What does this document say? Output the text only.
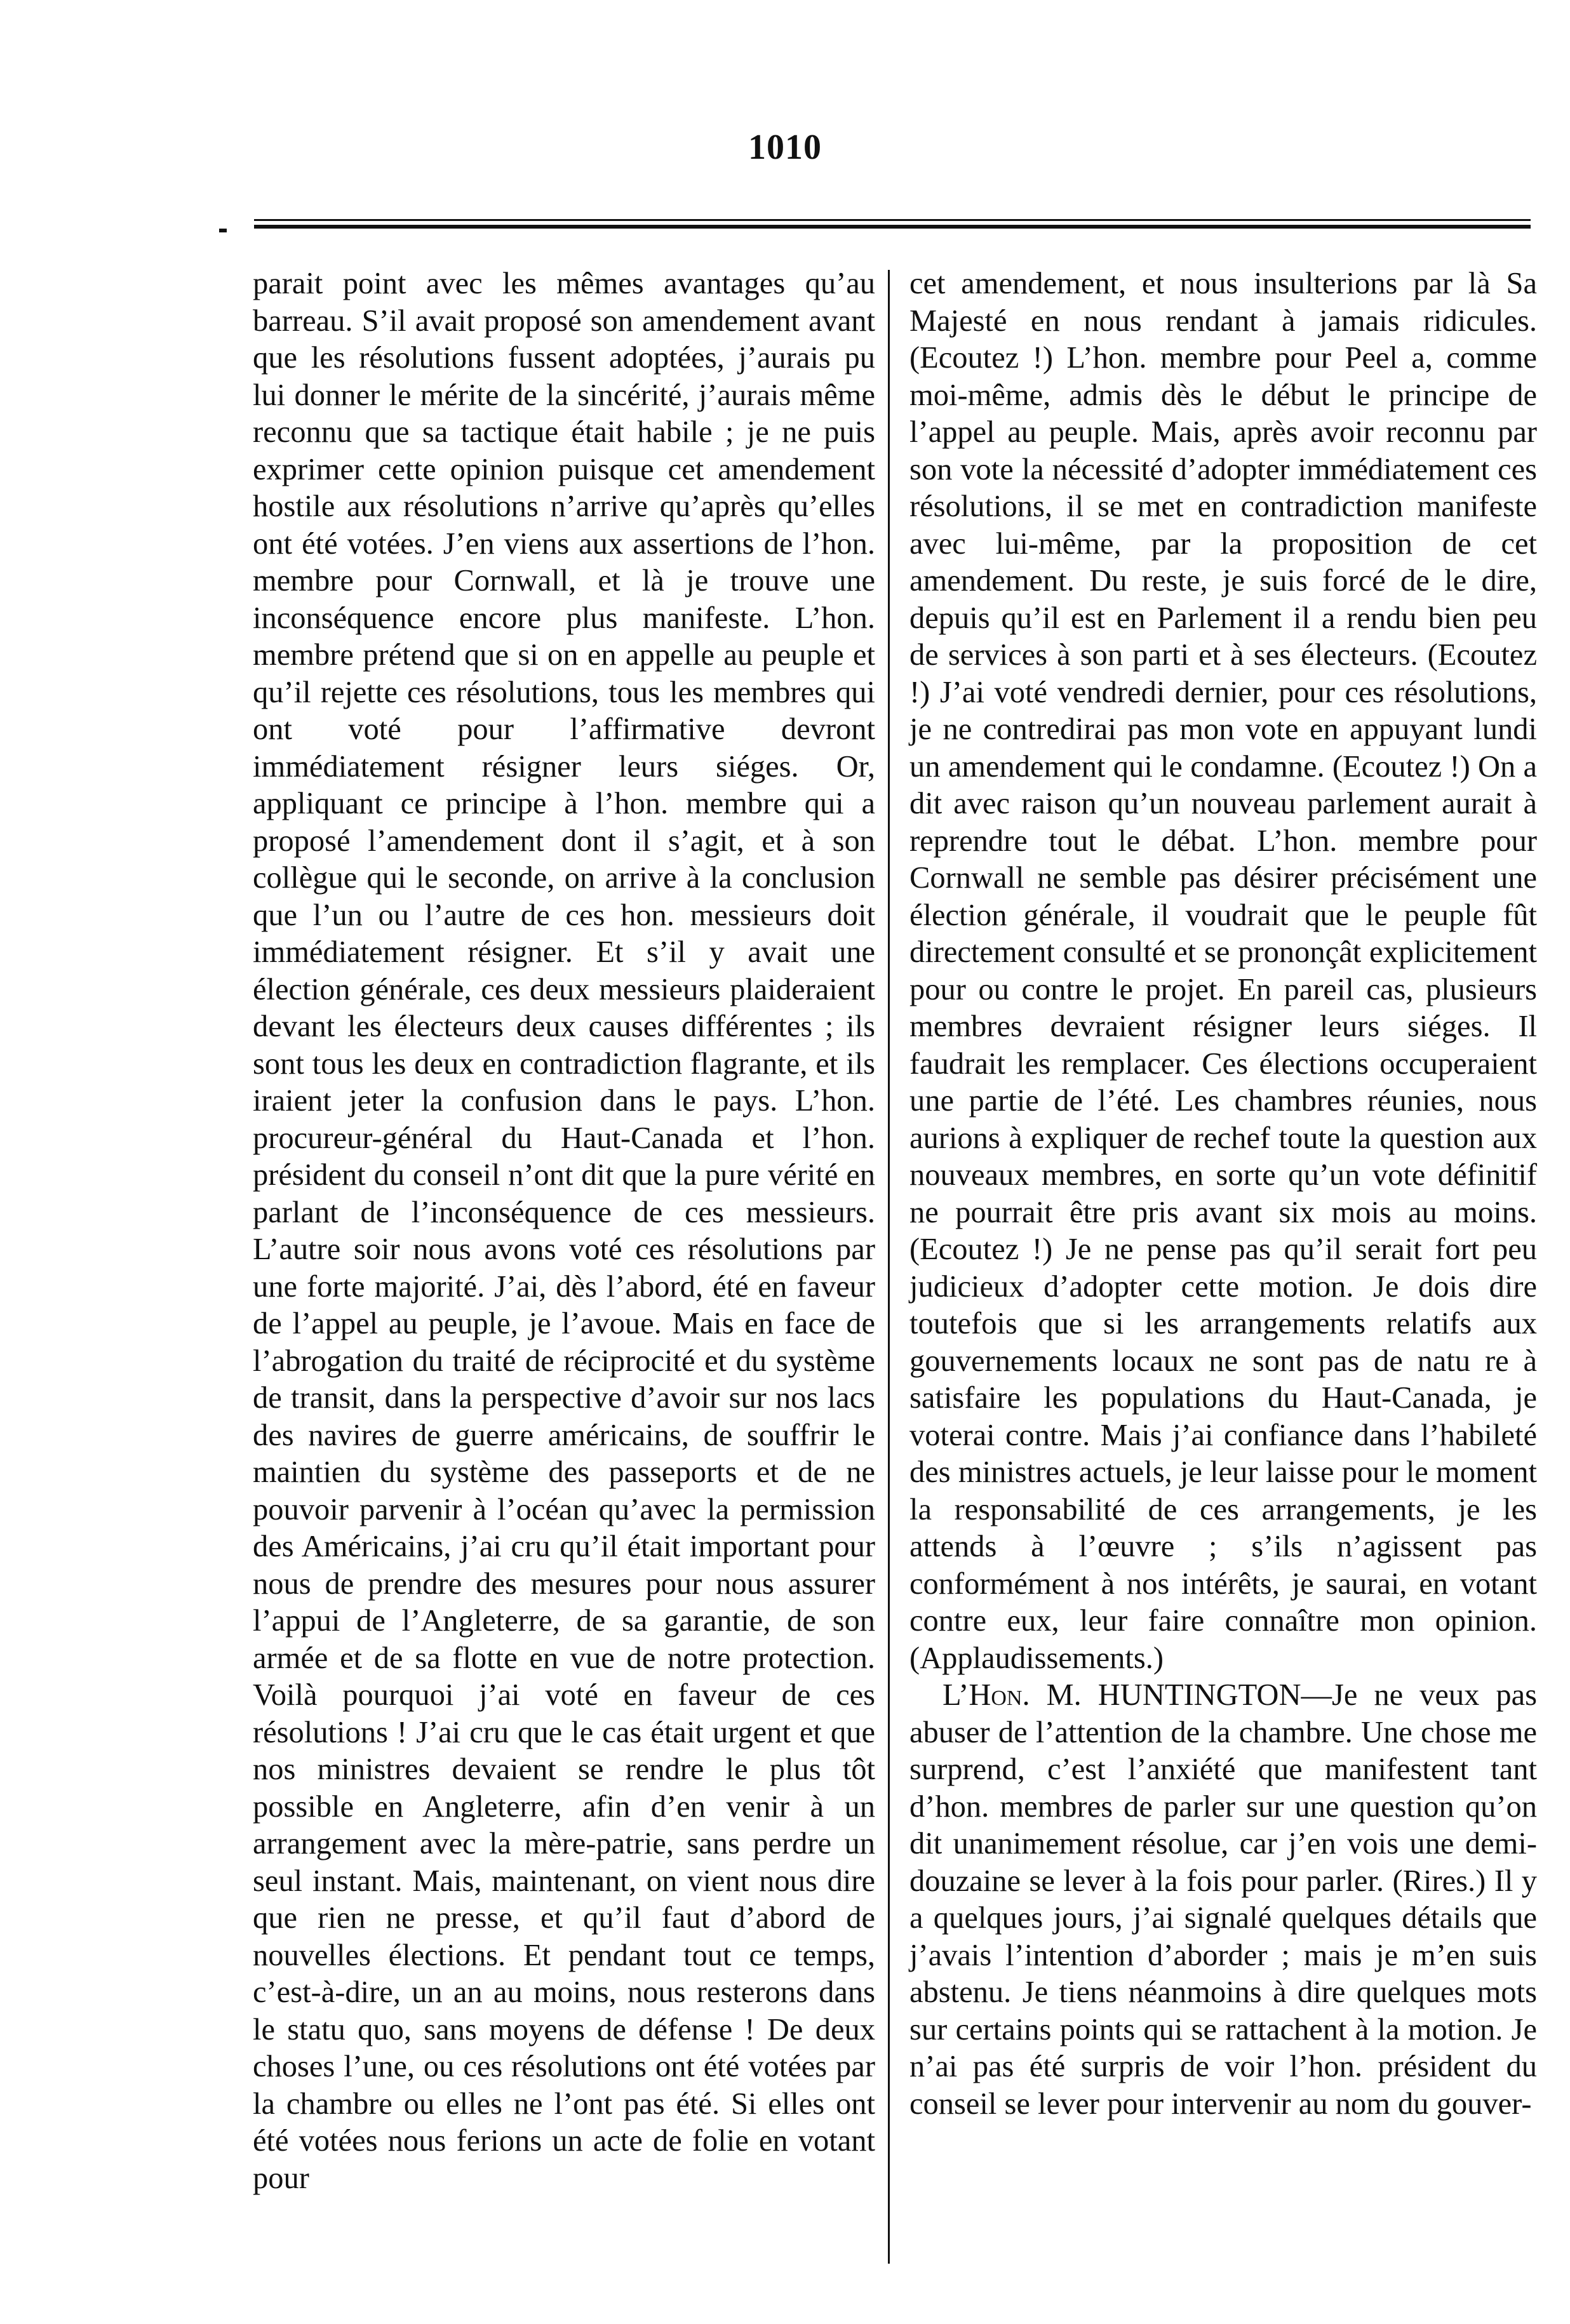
1010

parait point avec les mêmes avantages qu’au barreau. S’il avait proposé son amendement avant que les résolutions fussent adoptées, j’aurais pu lui donner le mérite de la sincérité, j’aurais même reconnu que sa tactique était habile ; je ne puis exprimer cette opinion puisque cet amendement hostile aux résolutions n’arrive qu’après qu’elles ont été votées. J’en viens aux assertions de l’hon. membre pour Cornwall, et là je trouve une inconséquence encore plus manifeste. L’hon. membre prétend que si on en appelle au peuple et qu’il rejette ces résolutions, tous les membres qui ont voté pour l’affirmative devront immédiatement résigner leurs siéges. Or, appliquant ce principe à l’hon. membre qui a proposé l’amendement dont il s’agit, et à son collègue qui le seconde, on arrive à la conclusion que l’un ou l’autre de ces hon. messieurs doit immédiatement résigner. Et s’il y avait une élection générale, ces deux messieurs plaideraient devant les électeurs deux causes différentes ; ils sont tous les deux en contradiction flagrante, et ils iraient jeter la confusion dans le pays. L’hon. procureur-général du Haut-Canada et l’hon. président du conseil n’ont dit que la pure vérité en parlant de l’inconséquence de ces messieurs. L’autre soir nous avons voté ces résolutions par une forte majorité. J’ai, dès l’abord, été en faveur de l’appel au peuple, je l’avoue. Mais en face de l’abrogation du traité de réciprocité et du système de transit, dans la perspective d’avoir sur nos lacs des navires de guerre américains, de souffrir le maintien du système des passeports et de ne pouvoir parvenir à l’océan qu’avec la permission des Américains, j’ai cru qu’il était important pour nous de prendre des mesures pour nous assurer l’appui de l’Angleterre, de sa garantie, de son armée et de sa flotte en vue de notre protection. Voilà pourquoi j’ai voté en faveur de ces résolutions ! J’ai cru que le cas était urgent et que nos ministres devaient se rendre le plus tôt possible en Angleterre, afin d’en venir à un arrangement avec la mère-patrie, sans perdre un seul instant. Mais, maintenant, on vient nous dire que rien ne presse, et qu’il faut d’abord de nouvelles élections. Et pendant tout ce temps, c’est-à-dire, un an au moins, nous resterons dans le statu quo, sans moyens de défense ! De deux choses l’une, ou ces résolutions ont été votées par la chambre ou elles ne l’ont pas été. Si elles ont été votées nous ferions un acte de folie en votant pour

cet amendement, et nous insulterions par là Sa Majesté en nous rendant à jamais ridicules. (Ecoutez !) L’hon. membre pour Peel a, comme moi-même, admis dès le début le principe de l’appel au peuple. Mais, après avoir reconnu par son vote la nécessité d’adopter immédiatement ces résolutions, il se met en contradiction manifeste avec lui-même, par la proposition de cet amendement. Du reste, je suis forcé de le dire, depuis qu’il est en Parlement il a rendu bien peu de services à son parti et à ses électeurs. (Ecoutez !) J’ai voté vendredi dernier, pour ces résolutions, je ne contredirai pas mon vote en appuyant lundi un amendement qui le condamne. (Ecoutez !) On a dit avec raison qu’un nouveau parlement aurait à reprendre tout le débat. L’hon. membre pour Cornwall ne semble pas désirer précisément une élection générale, il voudrait que le peuple fût directement consulté et se prononçât explicitement pour ou contre le projet. En pareil cas, plusieurs membres devraient résigner leurs siéges. Il faudrait les remplacer. Ces élections occuperaient une partie de l’été. Les chambres réunies, nous aurions à expliquer de rechef toute la question aux nouveaux membres, en sorte qu’un vote définitif ne pourrait être pris avant six mois au moins. (Ecoutez !) Je ne pense pas qu’il serait fort peu judicieux d’adopter cette motion. Je dois dire toutefois que si les arrangements relatifs aux gouvernements locaux ne sont pas de natu re à satisfaire les populations du Haut-Canada, je voterai contre. Mais j’ai confiance dans l’habileté des ministres actuels, je leur laisse pour le moment la responsabilité de ces arrangements, je les attends à l’œuvre ; s’ils n’agissent pas conformément à nos intérêts, je saurai, en votant contre eux, leur faire connaître mon opinion. (Applaudissements.)

L’Hon. M. HUNTINGTON—Je ne veux pas abuser de l’attention de la chambre. Une chose me surprend, c’est l’anxiété que manifestent tant d’hon. membres de parler sur une question qu’on dit unanimement résolue, car j’en vois une demi-douzaine se lever à la fois pour parler. (Rires.) Il y a quelques jours, j’ai signalé quelques détails que j’avais l’intention d’aborder ; mais je m’en suis abstenu. Je tiens néanmoins à dire quelques mots sur certains points qui se rattachent à la motion. Je n’ai pas été surpris de voir l’hon. président du conseil se lever pour intervenir au nom du gouver-
